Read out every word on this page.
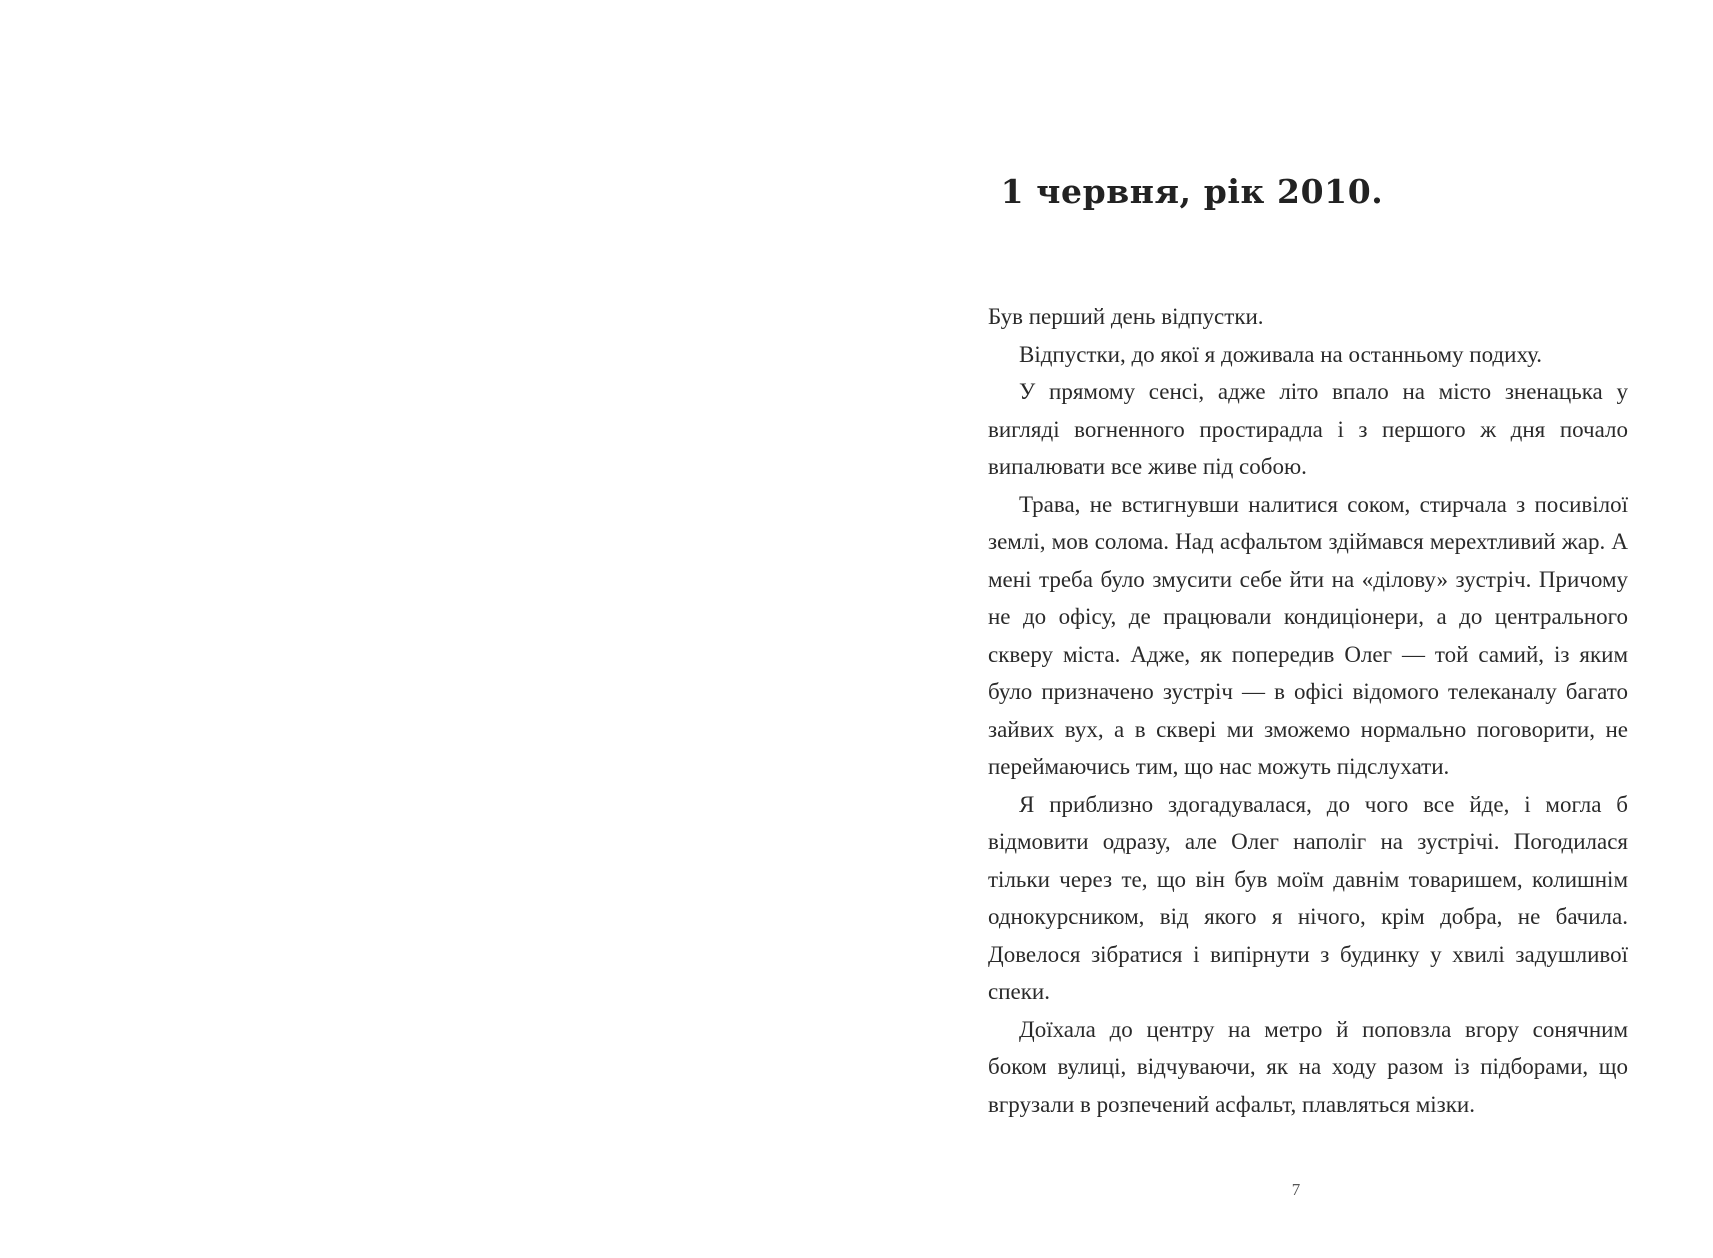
1 червня, рік 2010.

Був перший день відпустки.

Відпустки, до якої я доживала на останньому подиху.

У прямому сенсі, адже літо впало на місто зненацька у вигляді вогненного простирадла і з першого ж дня почало випалювати все живе під собою.

Трава, не встигнувши налитися соком, стирчала з посивілої землі, мов солома. Над асфальтом здіймався мерехтливий жар. А мені треба було змусити себе йти на «ділову» зустріч. Причому не до офісу, де працювали кондиціонери, а до центрального скверу міста. Адже, як попередив Олег — той самий, із яким було призначено зустріч — в офісі відомого телеканалу багато зайвих вух, а в сквері ми зможемо нормально поговорити, не переймаючись тим, що нас можуть підслухати.

Я приблизно здогадувалася, до чого все йде, і могла б відмовити одразу, але Олег наполіг на зустрічі. Погодилася тільки через те, що він був моїм давнім товаришем, колишнім однокурсником, від якого я нічого, крім добра, не бачила. Довелося зібратися і випірнути з будинку у хвилі задушливої спеки.

Доїхала до центру на метро й поповзла вгору сонячним боком вулиці, відчуваючи, як на ходу разом із підборами, що вгрузали в розпечений асфальт, плавляться мізки.

7
